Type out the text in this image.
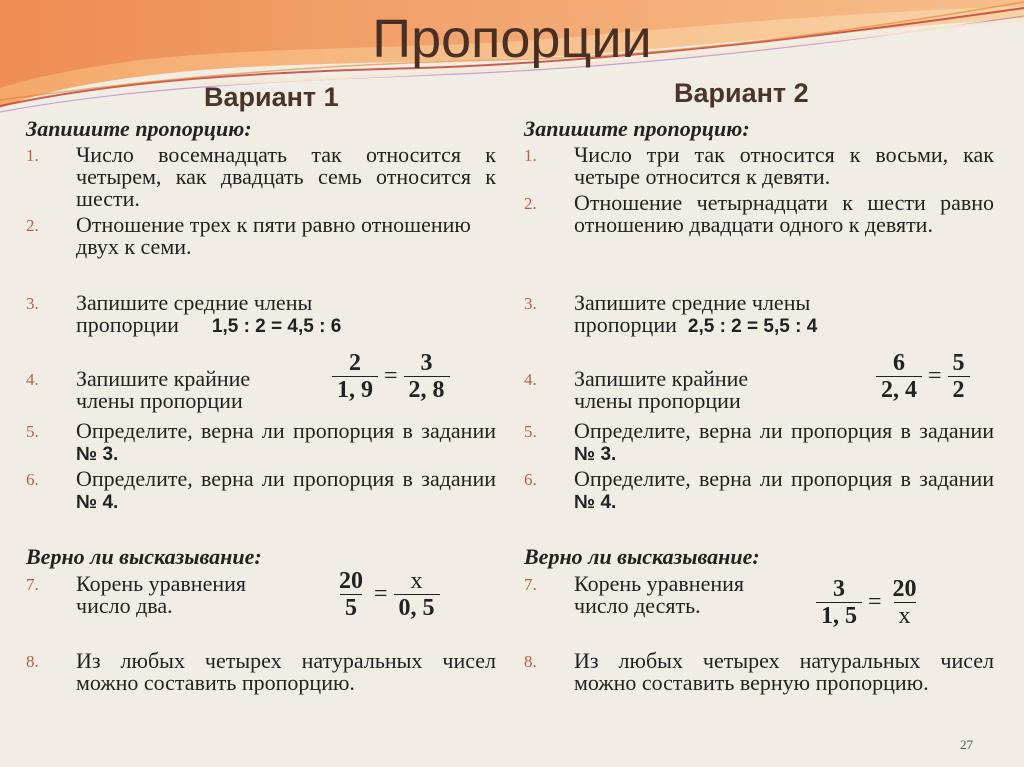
Пропорции
Вариант 1
Запишите пропорцию:
1. Число восемнадцать так относится к четырем, как двадцать семь относится к шести.
2. Отношение трех к пяти равно отношению двух к семи.
3. Запишите средние члены
пропорции 1,5 : 2 = 4,5 : 6
4. Запишите крайние
члены пропорции	$\frac{2}{1, 9} = \frac{3}{2, 8}$
5. Определите, верна ли пропорция в задании № 3.
6. Определите, верна ли пропорция в задании № 4.
Верно ли высказывание:
7. Корень уравнения
число два.	$\frac{20}{5} = \frac{x}{0, 5}$
8. Из любых четырех натуральных чисел можно составить пропорцию.
Вариант 2
Запишите пропорцию:
1. Число три так относится к восьми, как четыре относится к девяти.
2. Отношение четырнадцати к шести равно отношению двадцати одного к девяти.
3. Запишите средние члены
пропорции 2,5 : 2 = 5,5 : 4
4. Запишите крайние
члены пропорции	$\frac{6}{2, 4} = \frac{5}{2}$
5. Определите, верна ли пропорция в задании № 3.
6. Определите, верна ли пропорция в задании № 4.
Верно ли высказывание:
7. Корень уравнения
число десять.	$\frac{3}{1, 5} = \frac{20}{x}$
8. Из любых четырех натуральных чисел можно составить верную пропорцию.
27
